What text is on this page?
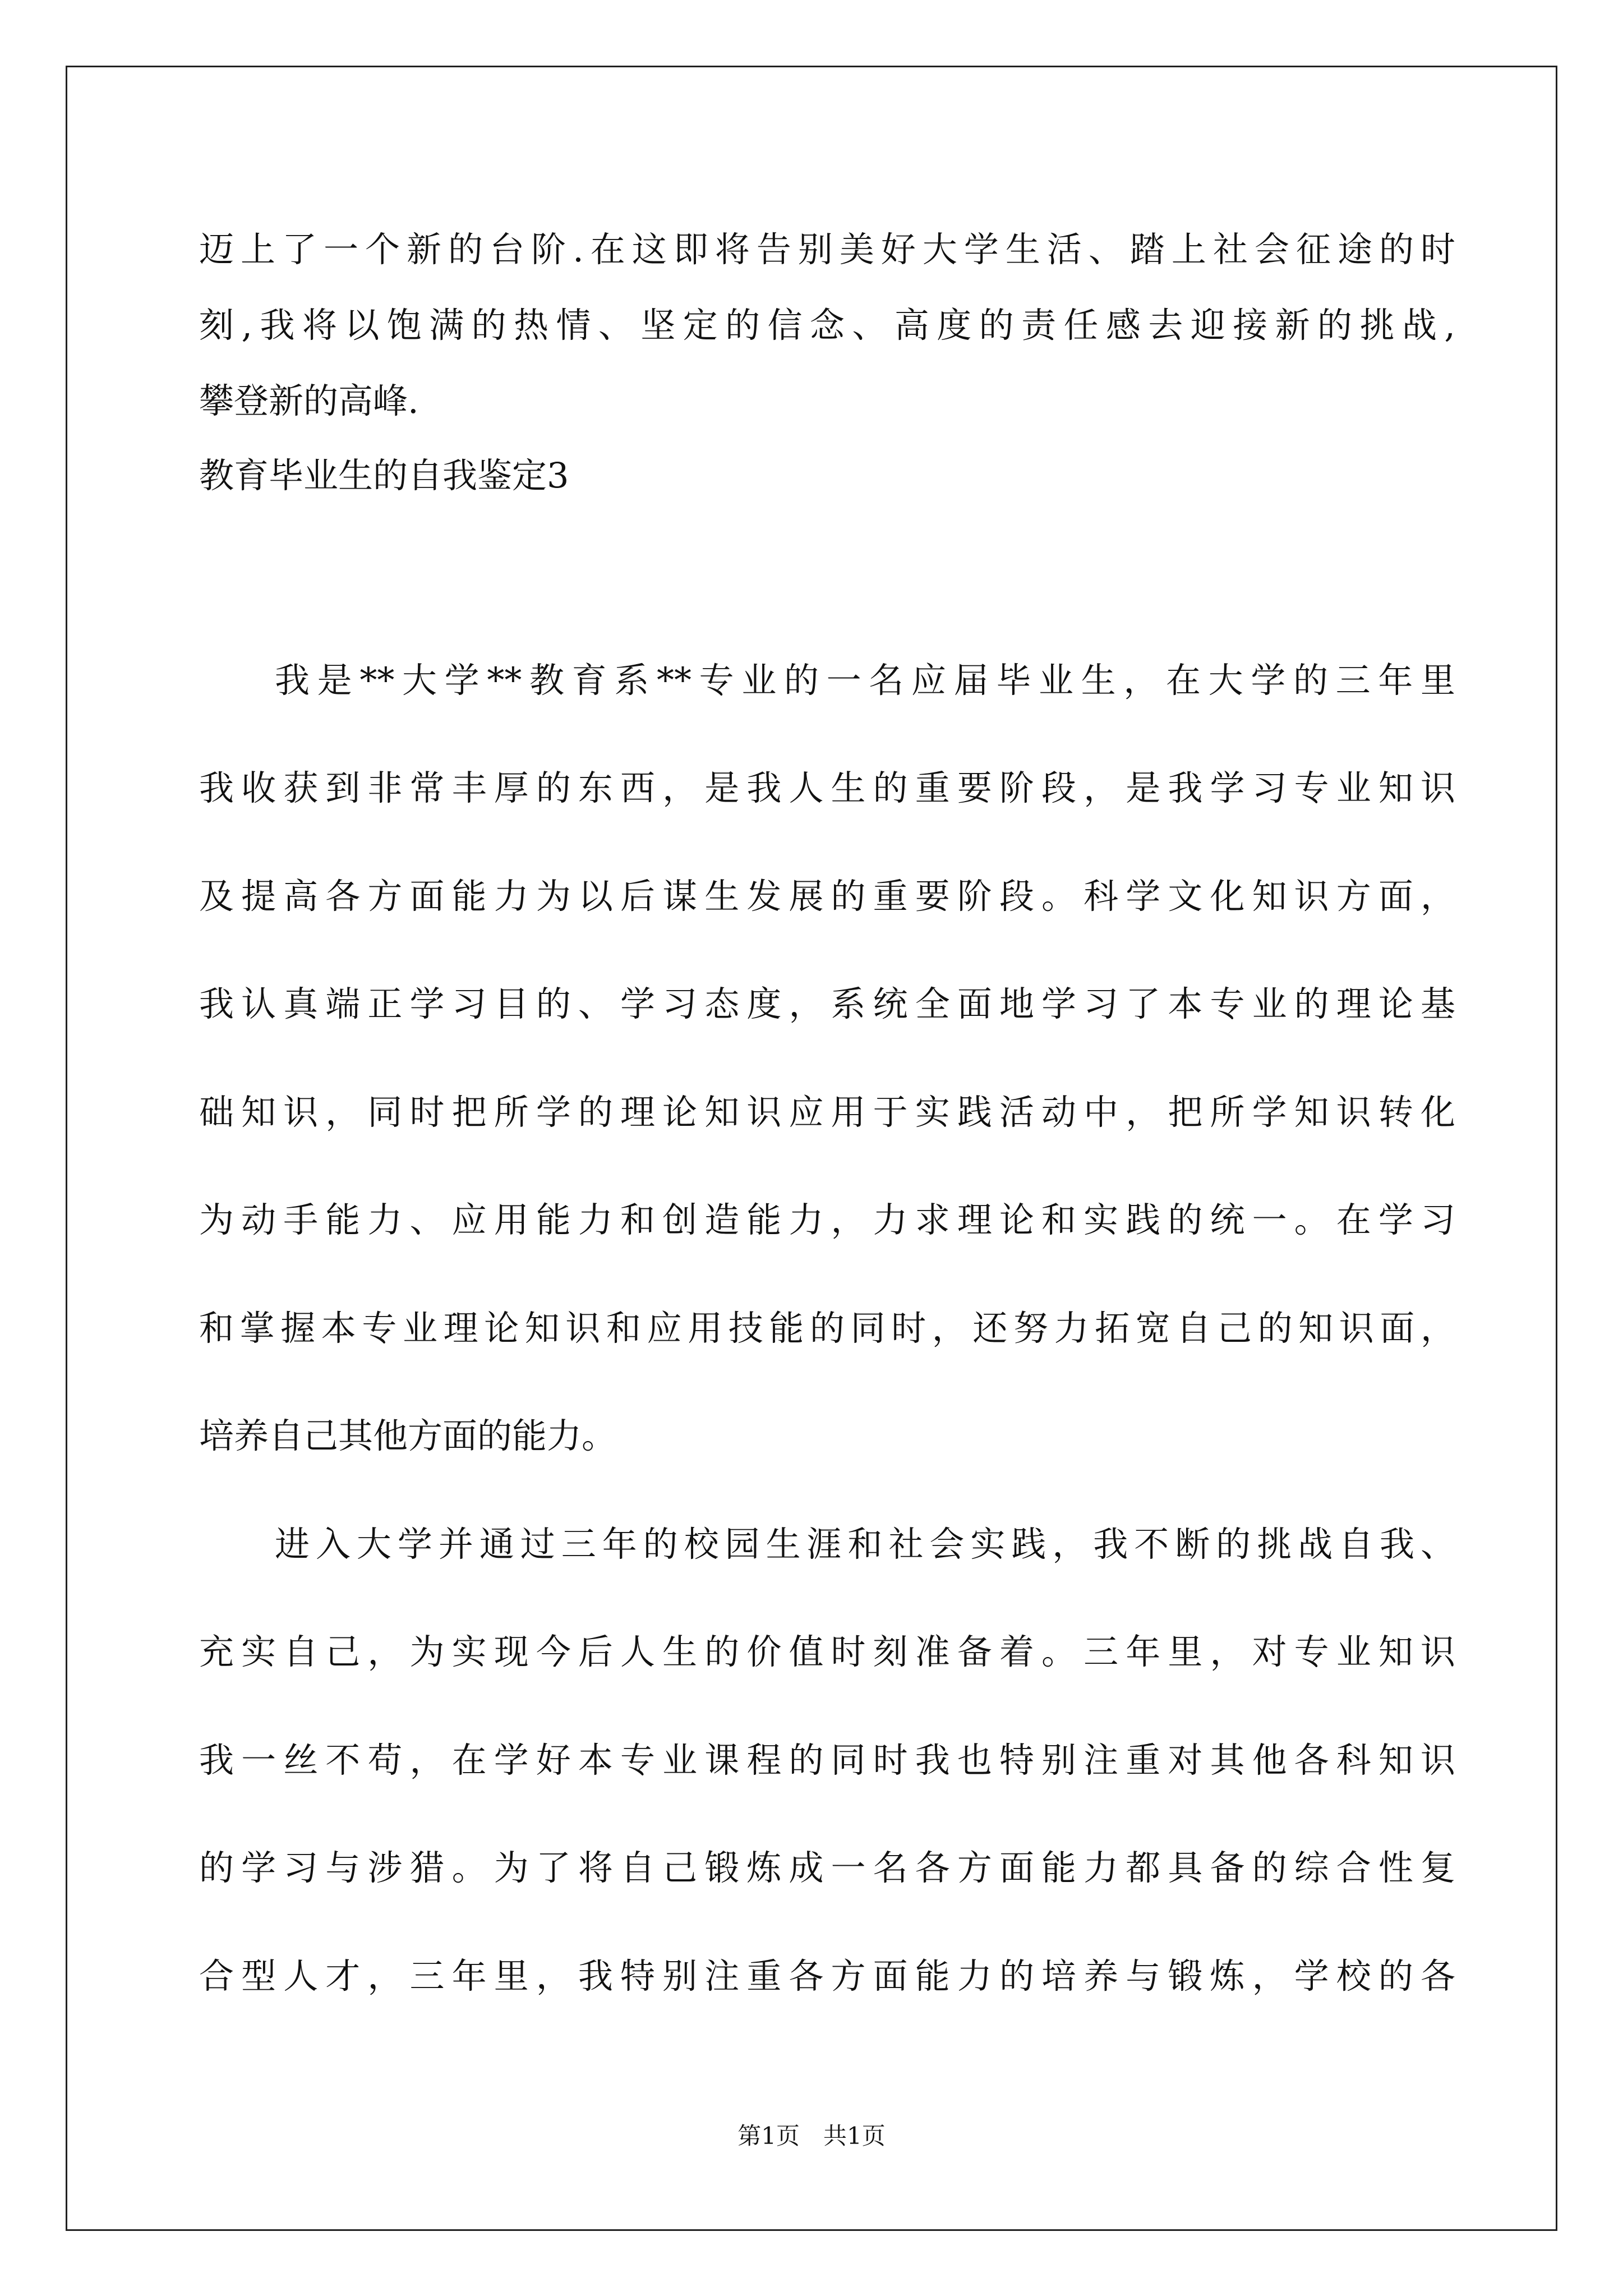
迈上了一个新的台阶.在这即将告别美好大学生活、踏上社会征途的时
刻,我将以饱满的热情、坚定的信念、高度的责任感去迎接新的挑战,
攀登新的高峰.
教育毕业生的自我鉴定3
我是**大学**教育系**专业的一名应届毕业生，在大学的三年里
我收获到非常丰厚的东西，是我人生的重要阶段，是我学习专业知识
及提高各方面能力为以后谋生发展的重要阶段。科学文化知识方面，
我认真端正学习目的、学习态度，系统全面地学习了本专业的理论基
础知识，同时把所学的理论知识应用于实践活动中，把所学知识转化
为动手能力、应用能力和创造能力，力求理论和实践的统一。在学习
和掌握本专业理论知识和应用技能的同时，还努力拓宽自己的知识面，
培养自己其他方面的能力。
进入大学并通过三年的校园生涯和社会实践，我不断的挑战自我、
充实自己，为实现今后人生的价值时刻准备着。三年里，对专业知识
我一丝不苟，在学好本专业课程的同时我也特别注重对其他各科知识
的学习与涉猎。为了将自己锻炼成一名各方面能力都具备的综合性复
合型人才，三年里，我特别注重各方面能力的培养与锻炼，学校的各
第1页　共1页
